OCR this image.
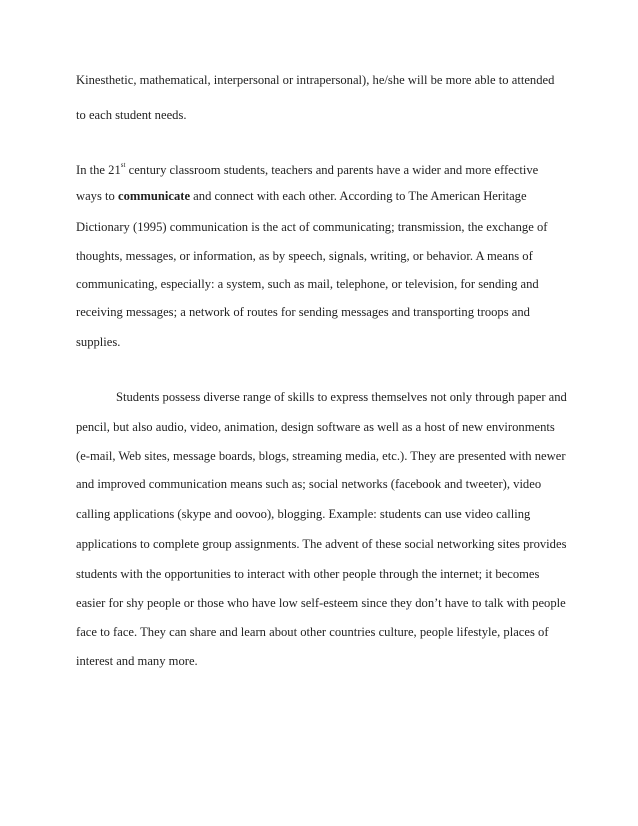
Kinesthetic, mathematical, interpersonal or intrapersonal), he/she will be more able to attended
to each student needs.
In the 21st century classroom students, teachers and parents have a wider and more effective
ways to communicate and connect with each other. According to The American Heritage
Dictionary (1995) communication is the act of communicating; transmission, the exchange of
thoughts, messages, or information, as by speech, signals, writing, or behavior. A means of
communicating, especially: a system, such as mail, telephone, or television, for sending and
receiving messages; a network of routes for sending messages and transporting troops and
supplies.
Students possess diverse range of skills to express themselves not only through paper and
pencil, but also audio, video, animation, design software as well as a host of new environments
(e-mail, Web sites, message boards, blogs, streaming media, etc.). They are presented with newer
and improved communication means such as; social networks (facebook and tweeter), video
calling applications (skype and oovoo), blogging. Example: students can use video calling
applications to complete group assignments. The advent of these social networking sites provides
students with the opportunities to interact with other people through the internet; it becomes
easier for shy people or those who have low self-esteem since they don’t have to talk with people
face to face. They can share and learn about other countries culture, people lifestyle, places of
interest and many more.
